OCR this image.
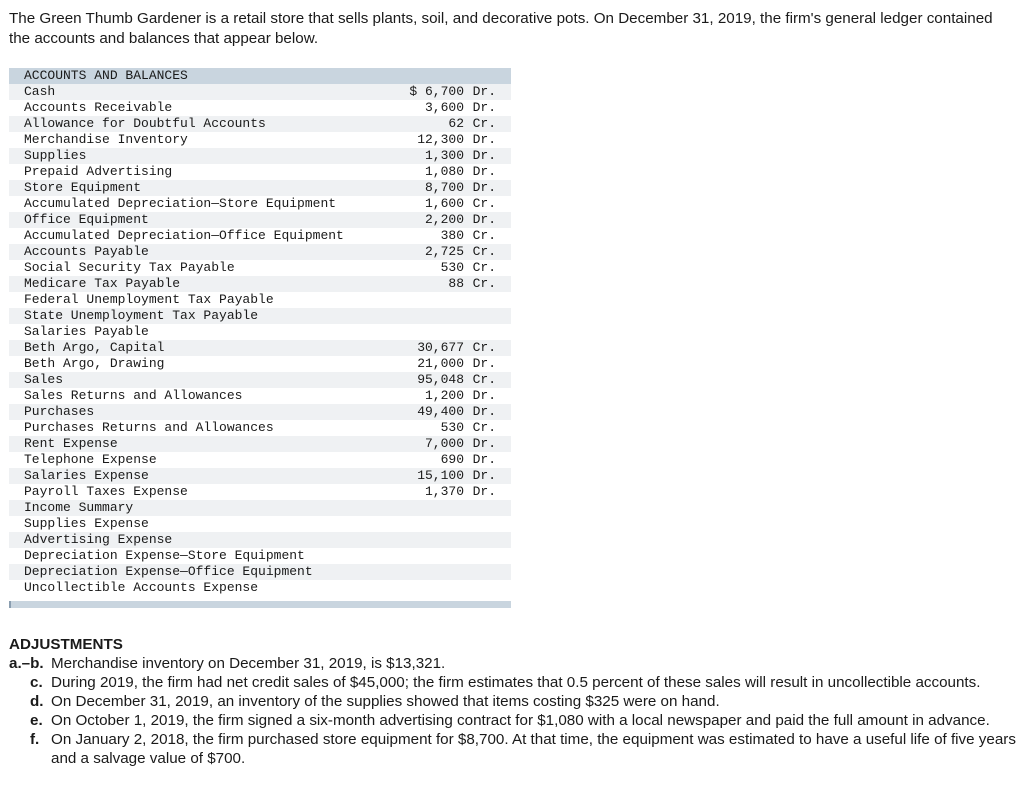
The Green Thumb Gardener is a retail store that sells plants, soil, and decorative pots. On December 31, 2019, the firm's general ledger contained the accounts and balances that appear below.
ACCOUNTS AND BALANCES
Cash	$ 6,700 Dr.
Accounts Receivable	3,600 Dr.
Allowance for Doubtful Accounts	62 Cr.
Merchandise Inventory	12,300 Dr.
Supplies	1,300 Dr.
Prepaid Advertising	1,080 Dr.
Store Equipment	8,700 Dr.
Accumulated Depreciation—Store Equipment	1,600 Cr.
Office Equipment	2,200 Dr.
Accumulated Depreciation—Office Equipment	380 Cr.
Accounts Payable	2,725 Cr.
Social Security Tax Payable	530 Cr.
Medicare Tax Payable	88 Cr.
Federal Unemployment Tax Payable
State Unemployment Tax Payable
Salaries Payable
Beth Argo, Capital	30,677 Cr.
Beth Argo, Drawing	21,000 Dr.
Sales	95,048 Cr.
Sales Returns and Allowances	1,200 Dr.
Purchases	49,400 Dr.
Purchases Returns and Allowances	530 Cr.
Rent Expense	7,000 Dr.
Telephone Expense	690 Dr.
Salaries Expense	15,100 Dr.
Payroll Taxes Expense	1,370 Dr.
Income Summary
Supplies Expense
Advertising Expense
Depreciation Expense—Store Equipment
Depreciation Expense—Office Equipment
Uncollectible Accounts Expense
ADJUSTMENTS
a.–b. Merchandise inventory on December 31, 2019, is $13,321.
c. During 2019, the firm had net credit sales of $45,000; the firm estimates that 0.5 percent of these sales will result in uncollectible accounts.
d. On December 31, 2019, an inventory of the supplies showed that items costing $325 were on hand.
e. On October 1, 2019, the firm signed a six-month advertising contract for $1,080 with a local newspaper and paid the full amount in advance.
f. On January 2, 2018, the firm purchased store equipment for $8,700. At that time, the equipment was estimated to have a useful life of five years and a salvage value of $700.
